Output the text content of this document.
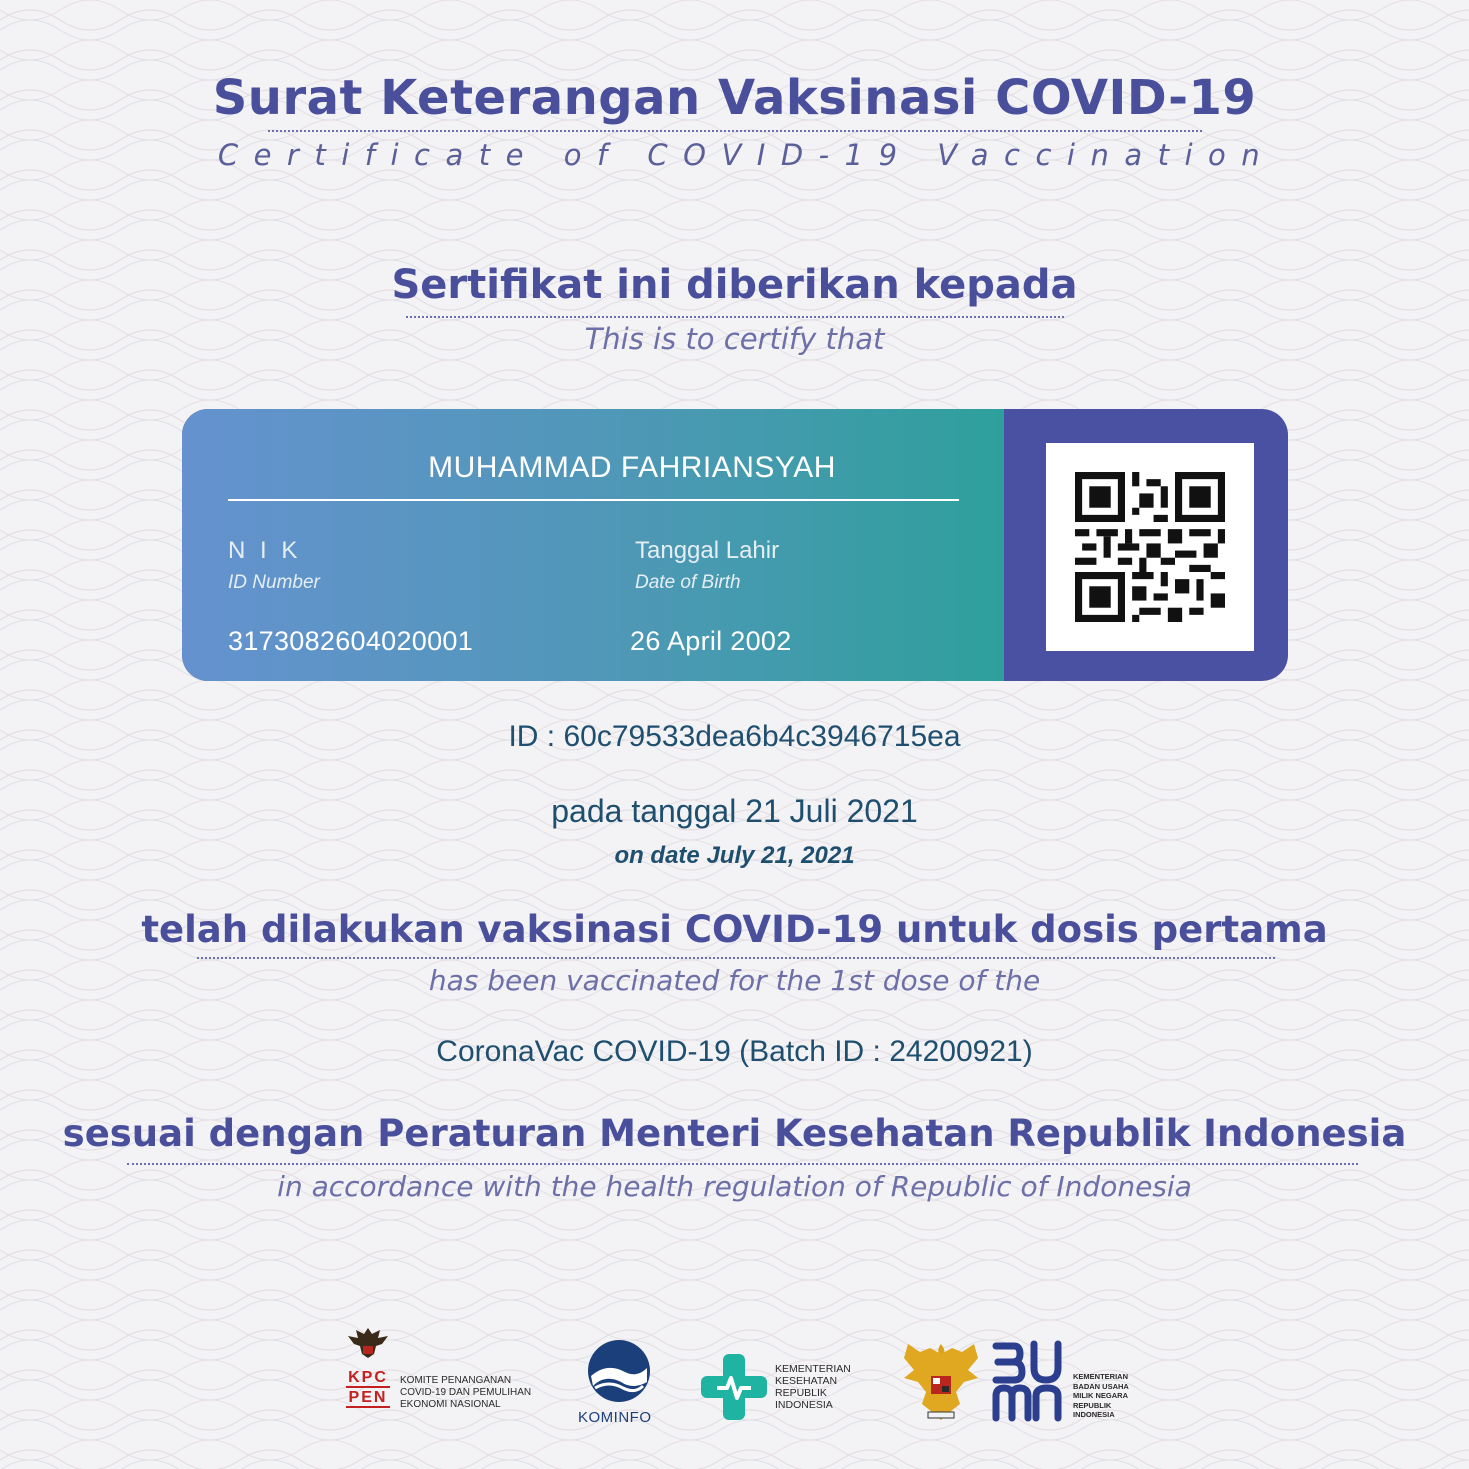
Surat Keterangan Vaksinasi COVID-19
Certificate of COVID-19 Vaccination
Sertifikat ini diberikan kepada
This is to certify that
MUHAMMAD FAHRIANSYAH
N I K
ID Number
3173082604020001
Tanggal Lahir
Date of Birth
26 April 2002
ID : 60c79533dea6b4c3946715ea
pada tanggal 21 Juli 2021
on date July 21, 2021
telah dilakukan vaksinasi COVID-19 untuk dosis pertama
has been vaccinated for the 1st dose of the
CoronaVac COVID-19 (Batch ID : 24200921)
sesuai dengan Peraturan Menteri Kesehatan Republik Indonesia
in accordance with the health regulation of Republic of Indonesia
KPC
PEN
KOMITE PENANGANAN
COVID-19 DAN PEMULIHAN
EKONOMI NASIONAL
KOMINFO
KEMENTERIAN
KESEHATAN
REPUBLIK
INDONESIA
KEMENTERIAN
BADAN USAHA
MILIK NEGARA
REPUBLIK
INDONESIA
